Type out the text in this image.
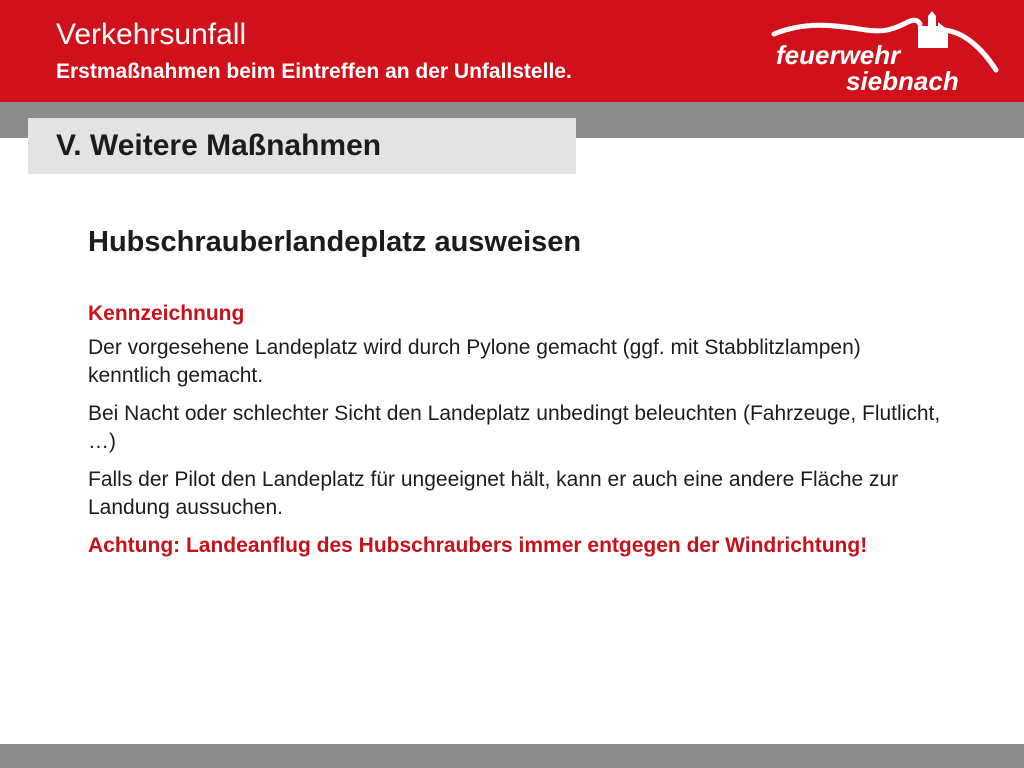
Verkehrsunfall
Erstmaßnahmen beim Eintreffen an der Unfallstelle.
feuerwehr
siebnach
V. Weitere Maßnahmen
Hubschrauberlandeplatz ausweisen
Kennzeichnung
Der vorgesehene Landeplatz wird durch Pylone gemacht (ggf. mit Stabblitzlampen) kenntlich gemacht.
Bei Nacht oder schlechter Sicht den Landeplatz unbedingt beleuchten (Fahrzeuge, Flutlicht, …)
Falls der Pilot den Landeplatz für ungeeignet hält, kann er auch eine andere Fläche zur Landung aussuchen.
Achtung: Landeanflug des Hubschraubers immer entgegen der Windrichtung!
